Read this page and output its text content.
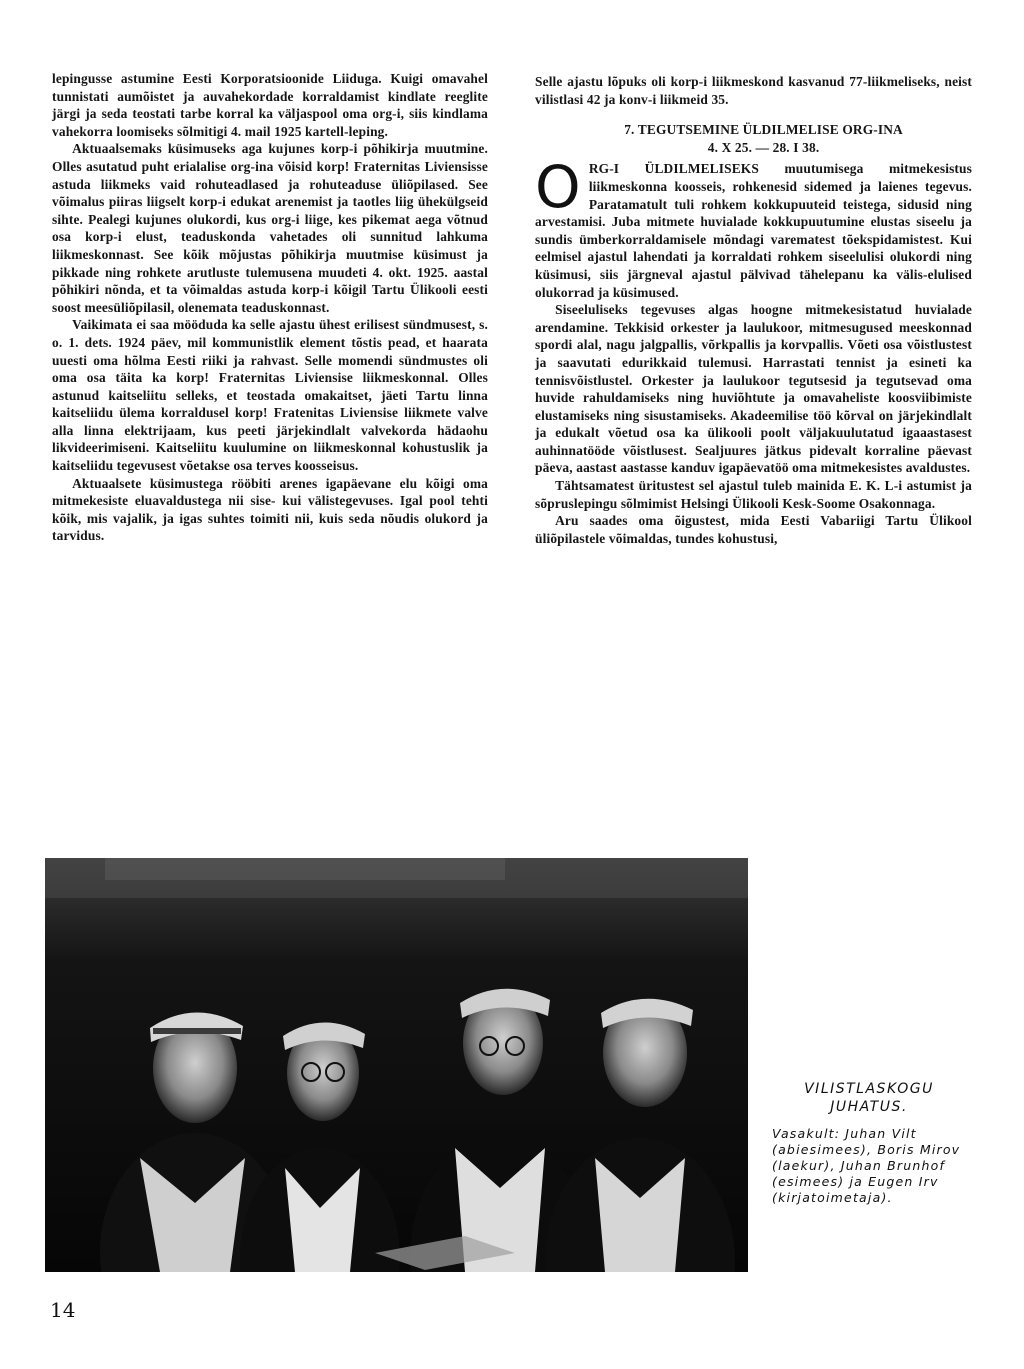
lepingusse astumine Eesti Korporatsioonide Liiduga. Kuigi omavahel tunnistati aumõistet ja auvahekordade korraldamist kindlate reeglite järgi ja seda teostati tarbe korral ka väljaspool oma org-i, siis kindlama vahekorra loomiseks sõlmitigi 4. mail 1925 kartell-leping.

Aktuaalsemaks küsimuseks aga kujunes korp-i põhikirja muutmine. Olles asutatud puht erialalise org-ina võisid korp! Fraternitas Liviensisse astuda liikmeks vaid rohuteadlased ja rohuteaduse üliõpilased. See võimalus piiras liigselt korp-i edukat arenemist ja taotles liig ühekülgseid sihte. Pealegi kujunes olukordi, kus org-i liige, kes pikemat aega võtnud osa korp-i elust, teaduskonda vahetades oli sunnitud lahkuma liikmeskonnast. See kõik mõjustas põhikirja muutmise küsimust ja pikkade ning rohkete arutluste tulemusena muudeti 4. okt. 1925. aastal põhikiri nõnda, et ta võimaldas astuda korp-i kõigil Tartu Ülikooli eesti soost meesüliõpilasil, olenemata teaduskonnast.

Vaikimata ei saa mööduda ka selle ajastu ühest erilisest sündmusest, s. o. 1. dets. 1924 päev, mil kommunistlik element tõstis pead, et haarata uuesti oma hõlma Eesti riiki ja rahvast. Selle momendi sündmustes oli oma osa täita ka korp! Fraternitas Liviensise liikmeskonnal. Olles astunud kaitseliitu selleks, et teostada omakaitset, jäeti Tartu linna kaitseliidu ülema korraldusel korp! Fratenitas Liviensise liikmete valve alla linna elektrijaam, kus peeti järjekindlalt valvekorda hädaohu likvideerimiseni. Kaitseliitu kuulumine on liikmeskonnal kohustuslik ja kaitseliidu tegevusest võetakse osa terves koosseisus.

Aktuaalsete küsimustega rööbiti arenes igapäevane elu kõigi oma mitmekesiste eluavaldustega nii sise- kui välistegevuses. Igal pool tehti kõik, mis vajalik, ja igas suhtes toimiti nii, kuis seda nõudis olukord ja tarvidus.

Selle ajastu lõpuks oli korp-i liikmeskond kasvanud 77-liikmeliseks, neist vilistlasi 42 ja konv-i liikmeid 35.

7. TEGUTSEMINE ÜLDILMELISE ORG-INA

4. X 25. — 28. I 38.

ORG-I ÜLDILMELISEKS muutumisega mitmekesistus liikmeskonna koosseis, rohkenesid sidemed ja laienes tegevus. Paratamatult tuli rohkem kokkupuuteid teistega, sidusid ning arvestamisi. Juba mitmete huvialade kokkupuutumine elustas siseelu ja sundis ümberkorraldamisele mõndagi varematest tõekspidamistest. Kui eelmisel ajastul lahendati ja korraldati rohkem siseelulisi olukordi ning küsimusi, siis järgneval ajastul pälvivad tähelepanu ka välis-elulised olukorrad ja küsimused.

Siseeluliseks tegevuses algas hoogne mitmekesistatud huvialade arendamine. Tekkisid orkester ja laulukoor, mitmesugused meeskonnad spordi alal, nagu jalgpallis, võrkpallis ja korvpallis. Võeti osa võistlustest ja saavutati edurikkaid tulemusi. Harrastati tennist ja esineti ka tennisvõistlustel. Orkester ja laulukoor tegutsesid ja tegutsevad oma huvide rahuldamiseks ning huviõhtute ja omavaheliste koosviibimiste elustamiseks ning sisustamiseks. Akadeemilise töö kõrval on järjekindlalt ja edukalt võetud osa ka ülikooli poolt väljakuulutatud igaaastasest auhinnatööde võistlusest. Sealjuures jätkus pidevalt korraline päevast päeva, aastast aastasse kanduv igapäevatöö oma mitmekesistes avaldustes.

Tähtsamatest üritustest sel ajastul tuleb mainida E. K. L-i astumist ja sõpruslepingu sõlmimist Helsingi Ülikooli Kesk-Soome Osakonnaga.

Aru saades oma õigustest, mida Eesti Vabariigi Tartu Ülikool üliõpilastele võimaldas, tundes kohustusi,

VILISTLASKOGU JUHATUS.
Vasakult: Juhan Vilt (abiesimees), Boris Mirov (laekur), Juhan Brunhof (esimees) ja Eugen Irv (kirjatoimetaja).
14
